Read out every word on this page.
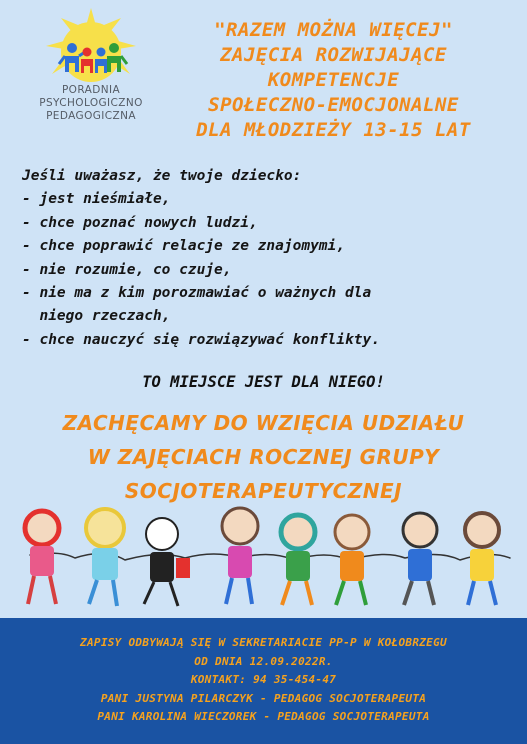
PORADNIA
PSYCHOLOGICZNO
PEDAGOGICZNA
"RAZEM MOŻNA WIĘCEJ"
ZAJĘCIA ROZWIJAJĄCE
KOMPETENCJE
SPOŁECZNO-EMOCJONALNE
DLA MŁODZIEŻY 13-15 LAT
Jeśli uważasz, że twoje dziecko:
- jest nieśmiałe,
- chce poznać nowych ludzi,
- chce poprawić relacje ze znajomymi,
- nie rozumie, co czuje,
- nie ma z kim porozmawiać o ważnych dla
niego rzeczach,
- chce nauczyć się rozwiązywać konflikty.
TO MIEJSCE JEST DLA NIEGO!
ZACHĘCAMY DO WZIĘCIA UDZIAŁU
W ZAJĘCIACH ROCZNEJ GRUPY
SOCJOTERAPEUTYCZNEJ
ZAPISY ODBYWAJĄ SIĘ W SEKRETARIACIE PP-P W KOŁOBRZEGU
OD DNIA 12.09.2022R.
KONTAKT: 94 35-454-47
PANI JUSTYNA PILARCZYK - PEDAGOG SOCJOTERAPEUTA
PANI KAROLINA WIECZOREK - PEDAGOG SOCJOTERAPEUTA
